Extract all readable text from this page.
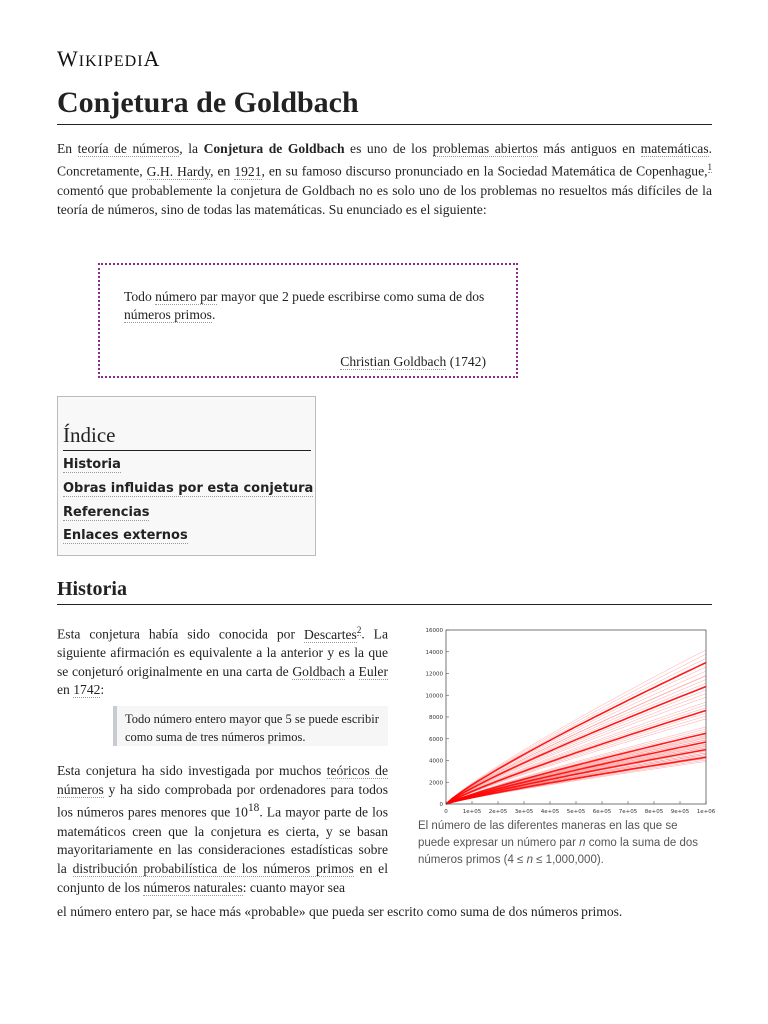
WIKIPEDIA
Conjetura de Goldbach
En teoría de números, la Conjetura de Goldbach es uno de los problemas abiertos más antiguos en matemáticas. Concretamente, G.H. Hardy, en 1921, en su famoso discurso pronunciado en la Sociedad Matemática de Copenhague,$^1$ comentó que probablemente la conjetura de Goldbach no es solo uno de los problemas no resueltos más difíciles de la teoría de números, sino de todas las matemáticas. Su enunciado es el siguiente:
Todo número par mayor que 2 puede escribirse como suma de dos números primos.
Christian Goldbach (1742)
Índice
Historia
Obras influidas por esta conjetura
Referencias
Enlaces externos
Historia
Esta conjetura había sido conocida por Descartes$^2$. La siguiente afirmación es equivalente a la anterior y es la que se conjeturó originalmente en una carta de Goldbach a Euler en 1742:
Todo número entero mayor que 5 se puede escribir como suma de tres números primos.
Esta conjetura ha sido investigada por muchos teóricos de números y ha sido comprobada por ordenadores para todos los números pares menores que $10^{18}$. La mayor parte de los matemáticos creen que la conjetura es cierta, y se basan mayoritariamente en las consideraciones estadísticas sobre la distribución probabilística de los números primos en el conjunto de los números naturales: cuanto mayor sea
el número entero par, se hace más «probable» que pueda ser escrito como suma de dos números primos.
0	1e+05 2e+05 3e+05 4e+05 5e+05 6e+05 7e+05 8e+05 9e+05 1e+06
0
2000
4000
6000
8000
10000
12000
14000
16000
El número de las diferentes maneras en las que se puede expresar un número par n como la suma de dos números primos (4 ≤ n ≤ 1,000,000).
